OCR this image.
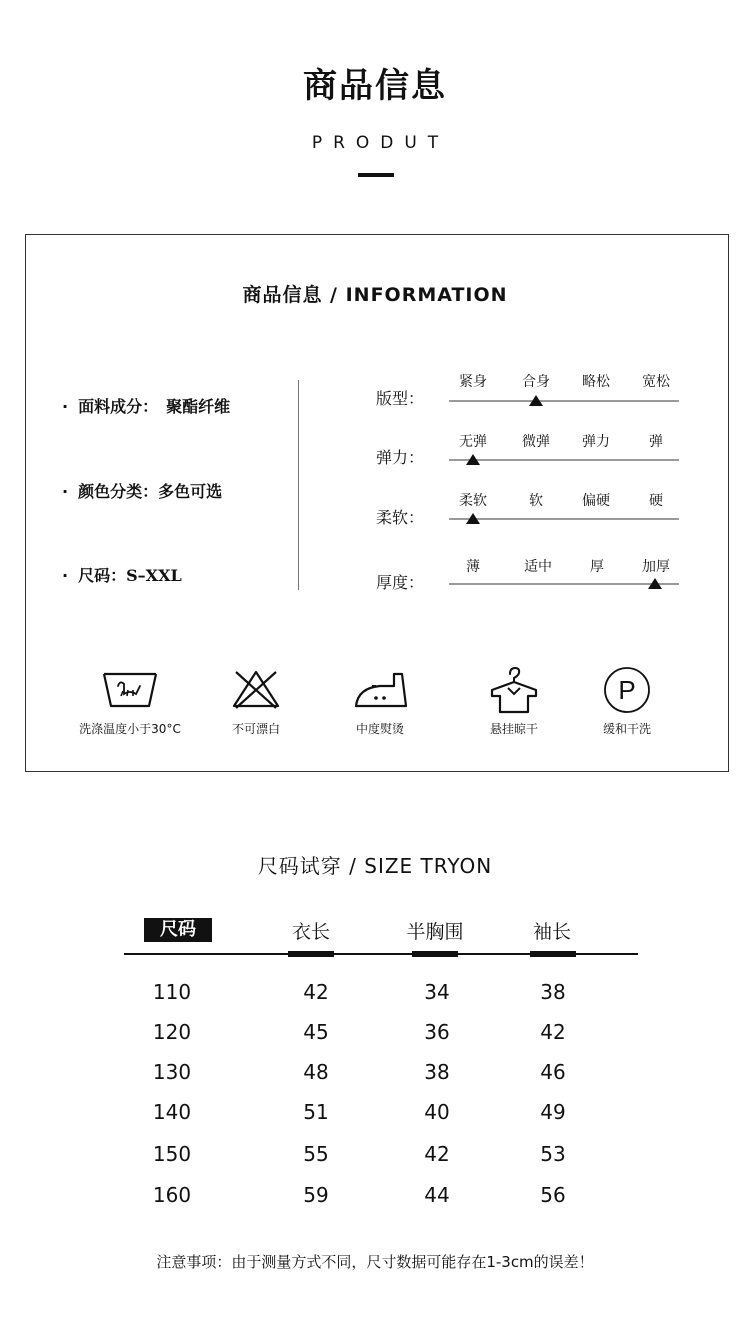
商品信息
PRODUT
商品信息 / INFORMATION
· 面料成分： 聚酯纤维
· 颜色分类：多色可选
· 尺码：S–XXL
版型：
紧身	合身	略松	宽松
弹力：
无弹	微弹	弹力	弹
柔软：
柔软	软	偏硬	硬
厚度：
薄	适中	厚	加厚
洗涤温度小于30°C	不可漂白	中度熨烫	悬挂晾干
P
缓和干洗
尺码试穿 / SIZE TRYON
尺码	衣长	半胸围	袖长
110	42	34	38
120	45	36	42
130	48	38	46
140	51	40	49
150	55	42	53
160	59	44	56
注意事项：由于测量方式不同，尺寸数据可能存在1-3cm的误差！
